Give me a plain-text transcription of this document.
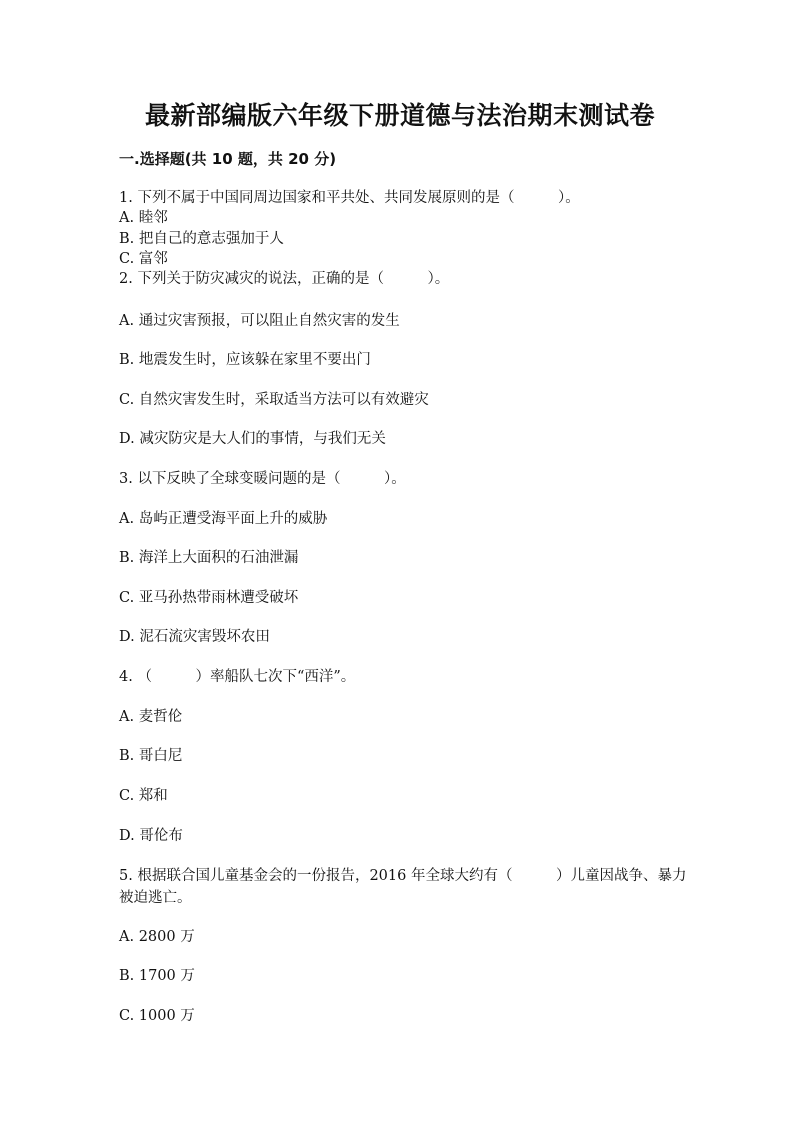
最新部编版六年级下册道德与法治期末测试卷
一.选择题(共 10 题，共 20 分)
1. 下列不属于中国同周边国家和平共处、共同发展原则的是（　　　）。
A. 睦邻
B. 把自己的意志强加于人
C. 富邻
2. 下列关于防灾减灾的说法，正确的是（　　　）。
A. 通过灾害预报，可以阻止自然灾害的发生
B. 地震发生时，应该躲在家里不要出门
C. 自然灾害发生时，采取适当方法可以有效避灾
D. 减灾防灾是大人们的事情，与我们无关
3. 以下反映了全球变暖问题的是（　　　）。
A. 岛屿正遭受海平面上升的威胁
B. 海洋上大面积的石油泄漏
C. 亚马孙热带雨林遭受破坏
D. 泥石流灾害毁坏农田
4. （　　　）率船队七次下“西洋”。
A. 麦哲伦
B. 哥白尼
C. 郑和
D. 哥伦布
5. 根据联合国儿童基金会的一份报告，2016 年全球大约有（　　　）儿童因战争、暴力被迫逃亡。
A. 2800 万
B. 1700 万
C. 1000 万
